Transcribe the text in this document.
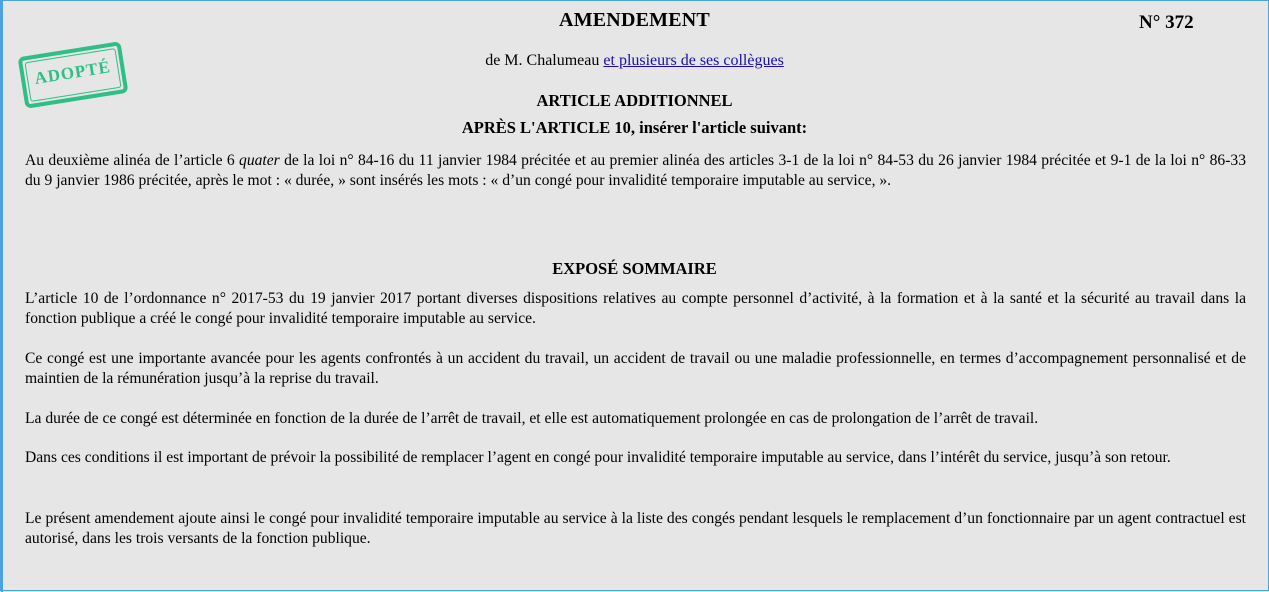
AMENDEMENT	N° 372
ADOPTÉ	de M. Chalumeau et plusieurs de ses collègues
ARTICLE ADDITIONNEL
APRÈS L'ARTICLE 10, insérer l'article suivant:
Au deuxième alinéa de l’article 6 quater de la loi n° 84-16 du 11 janvier 1984 précitée et au premier alinéa des articles 3-1 de la loi n° 84-53 du 26 janvier 1984 précitée et 9-1 de la loi n° 86-33 du 9 janvier 1986 précitée, après le mot : « durée, » sont insérés les mots : « d’un congé pour invalidité temporaire imputable au service, ».
EXPOSÉ SOMMAIRE
L’article 10 de l’ordonnance n° 2017-53 du 19 janvier 2017 portant diverses dispositions relatives au compte personnel d’activité, à la formation et à la santé et la sécurité au travail dans la fonction publique a créé le congé pour invalidité temporaire imputable au service.
Ce congé est une importante avancée pour les agents confrontés à un accident du travail, un accident de travail ou une maladie professionnelle, en termes d’accompagnement personnalisé et de maintien de la rémunération jusqu’à la reprise du travail.
La durée de ce congé est déterminée en fonction de la durée de l’arrêt de travail, et elle est automatiquement prolongée en cas de prolongation de l’arrêt de travail.
Dans ces conditions il est important de prévoir la possibilité de remplacer l’agent en congé pour invalidité temporaire imputable au service, dans l’intérêt du service, jusqu’à son retour.
Le présent amendement ajoute ainsi le congé pour invalidité temporaire imputable au service à la liste des congés pendant lesquels le remplacement d’un fonctionnaire par un agent contractuel est autorisé, dans les trois versants de la fonction publique.
